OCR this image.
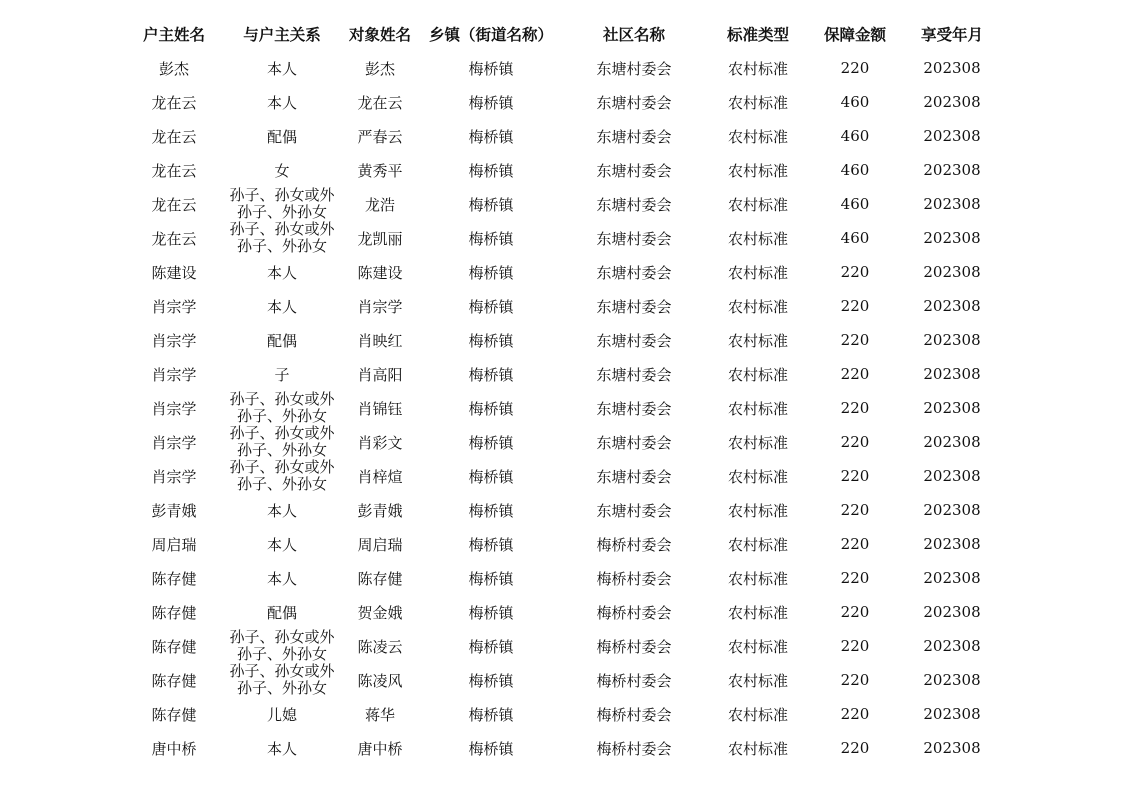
户主姓名	与户主关系	对象姓名	乡镇（街道名称）	社区名称	标准类型	保障金额	享受年月
彭杰	本人	彭杰	梅桥镇	东塘村委会	农村标准	220	202308
龙在云	本人	龙在云	梅桥镇	东塘村委会	农村标准	460	202308
龙在云	配偶	严春云	梅桥镇	东塘村委会	农村标准	460	202308
龙在云	女	黄秀平	梅桥镇	东塘村委会	农村标准	460	202308
龙在云	孙子、孙女或外孙子、外孙女	龙浩	梅桥镇	东塘村委会	农村标准	460	202308
龙在云	孙子、孙女或外孙子、外孙女	龙凯丽	梅桥镇	东塘村委会	农村标准	460	202308
陈建设	本人	陈建设	梅桥镇	东塘村委会	农村标准	220	202308
肖宗学	本人	肖宗学	梅桥镇	东塘村委会	农村标准	220	202308
肖宗学	配偶	肖映红	梅桥镇	东塘村委会	农村标准	220	202308
肖宗学	子	肖高阳	梅桥镇	东塘村委会	农村标准	220	202308
肖宗学	孙子、孙女或外孙子、外孙女	肖锦钰	梅桥镇	东塘村委会	农村标准	220	202308
肖宗学	孙子、孙女或外孙子、外孙女	肖彩文	梅桥镇	东塘村委会	农村标准	220	202308
肖宗学	孙子、孙女或外孙子、外孙女	肖梓煊	梅桥镇	东塘村委会	农村标准	220	202308
彭青娥	本人	彭青娥	梅桥镇	东塘村委会	农村标准	220	202308
周启瑞	本人	周启瑞	梅桥镇	梅桥村委会	农村标准	220	202308
陈存健	本人	陈存健	梅桥镇	梅桥村委会	农村标准	220	202308
陈存健	配偶	贺金娥	梅桥镇	梅桥村委会	农村标准	220	202308
陈存健	孙子、孙女或外孙子、外孙女	陈凌云	梅桥镇	梅桥村委会	农村标准	220	202308
陈存健	孙子、孙女或外孙子、外孙女	陈凌风	梅桥镇	梅桥村委会	农村标准	220	202308
陈存健	儿媳	蒋华	梅桥镇	梅桥村委会	农村标准	220	202308
唐中桥	本人	唐中桥	梅桥镇	梅桥村委会	农村标准	220	202308
